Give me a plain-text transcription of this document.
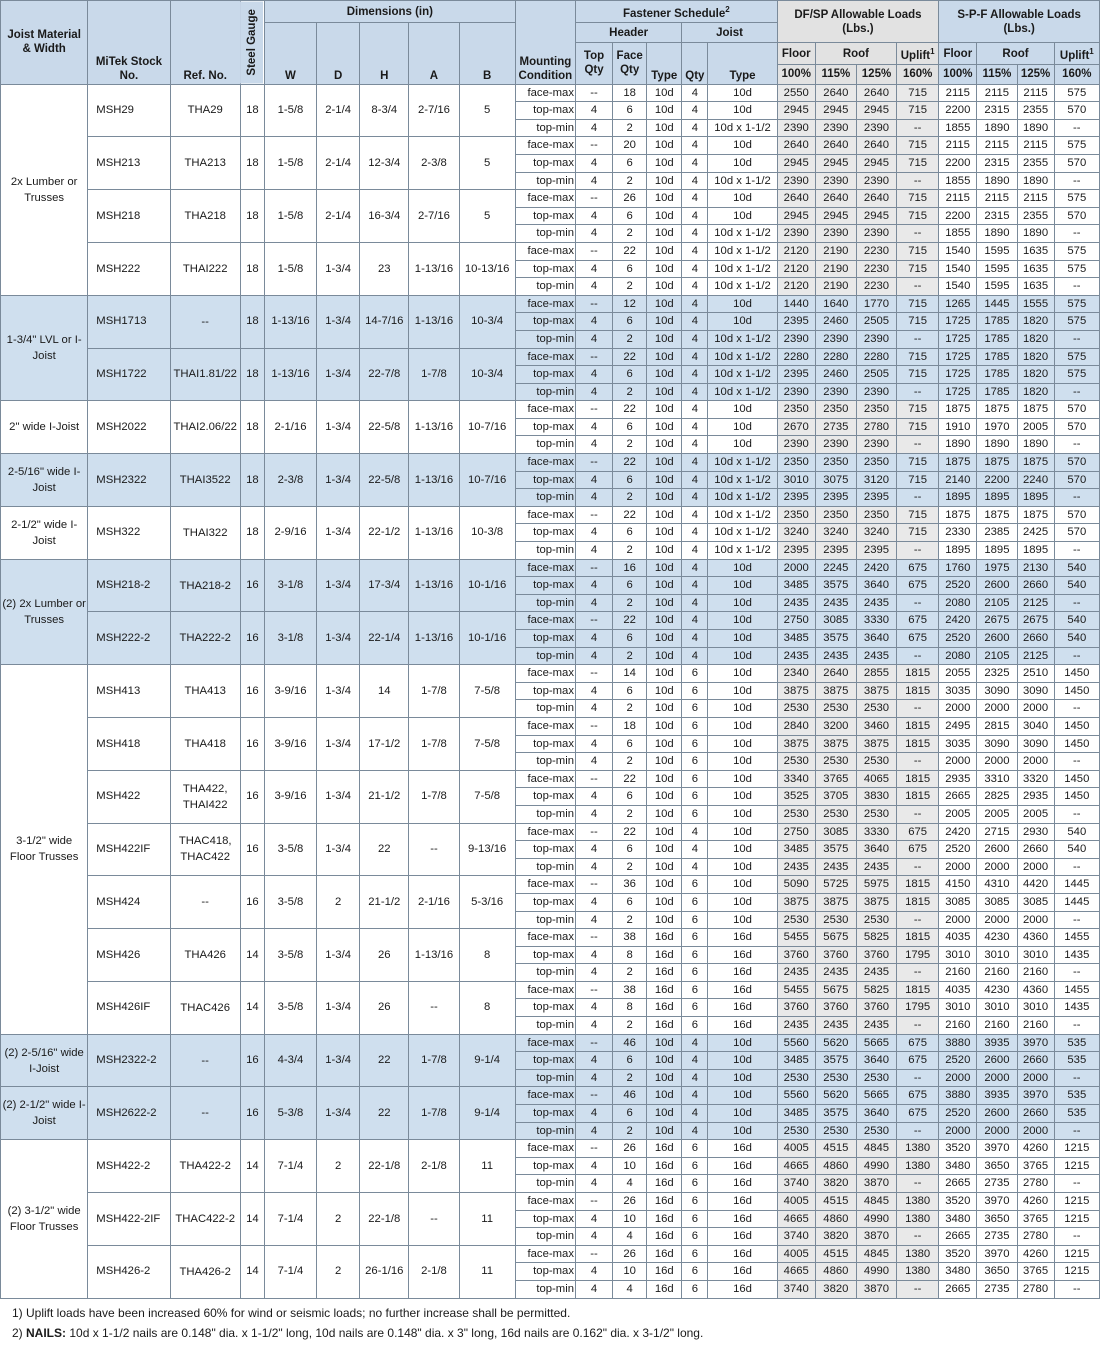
Joist Material & Width	MiTek Stock No.	Ref. No.	Steel Gauge	Dimensions (in)					Mounting Condition	Fastener Schedule$^2$					DF/SP Allowable Loads (Lbs.)				S-P-F Allowable Loads (Lbs.)			
				W	D	H	A	B		Header			Joist									
										Top Qty	Face Qty	Type	Qty	Type	Floor	Roof		Uplift$^1$	Floor	Roof		Uplift$^1$
															100%	115%	125%	160%	100%	115%	125%	160%
2x Lumber or Trusses	MSH29	THA29	18	1-5/8	2-1/4	8-3/4	2-7/16	5	face-max	--	18	10d	4	10d	2550	2640	2640	715	2115	2115	2115	575
									top-max	4	6	10d	4	10d	2945	2945	2945	715	2200	2315	2355	570
									top-min	4	2	10d	4	10d x 1-1/2	2390	2390	2390	--	1855	1890	1890	--
	MSH213	THA213	18	1-5/8	2-1/4	12-3/4	2-3/8	5	face-max	--	20	10d	4	10d	2640	2640	2640	715	2115	2115	2115	575
									top-max	4	6	10d	4	10d	2945	2945	2945	715	2200	2315	2355	570
									top-min	4	2	10d	4	10d x 1-1/2	2390	2390	2390	--	1855	1890	1890	--
	MSH218	THA218	18	1-5/8	2-1/4	16-3/4	2-7/16	5	face-max	--	26	10d	4	10d	2640	2640	2640	715	2115	2115	2115	575
									top-max	4	6	10d	4	10d	2945	2945	2945	715	2200	2315	2355	570
									top-min	4	2	10d	4	10d x 1-1/2	2390	2390	2390	--	1855	1890	1890	--
	MSH222	THAI222	18	1-5/8	1-3/4	23	1-13/16	10-13/16	face-max	--	22	10d	4	10d x 1-1/2	2120	2190	2230	715	1540	1595	1635	575
									top-max	4	6	10d	4	10d x 1-1/2	2120	2190	2230	715	1540	1595	1635	575
									top-min	4	2	10d	4	10d x 1-1/2	2120	2190	2230	--	1540	1595	1635	--
1-3/4" LVL or I-Joist	MSH1713	--	18	1-13/16	1-3/4	14-7/16	1-13/16	10-3/4	face-max	--	12	10d	4	10d	1440	1640	1770	715	1265	1445	1555	575
									top-max	4	6	10d	4	10d	2395	2460	2505	715	1725	1785	1820	575
									top-min	4	2	10d	4	10d x 1-1/2	2390	2390	2390	--	1725	1785	1820	--
	MSH1722	THAI1.81/22	18	1-13/16	1-3/4	22-7/8	1-7/8	10-3/4	face-max	--	22	10d	4	10d x 1-1/2	2280	2280	2280	715	1725	1785	1820	575
									top-max	4	6	10d	4	10d x 1-1/2	2395	2460	2505	715	1725	1785	1820	575
									top-min	4	2	10d	4	10d x 1-1/2	2390	2390	2390	--	1725	1785	1820	--
2" wide I-Joist	MSH2022	THAI2.06/22	18	2-1/16	1-3/4	22-5/8	1-13/16	10-7/16	face-max	--	22	10d	4	10d	2350	2350	2350	715	1875	1875	1875	570
									top-max	4	6	10d	4	10d	2670	2735	2780	715	1910	1970	2005	570
									top-min	4	2	10d	4	10d	2390	2390	2390	--	1890	1890	1890	--
2-5/16" wide I-Joist	MSH2322	THAI3522	18	2-3/8	1-3/4	22-5/8	1-13/16	10-7/16	face-max	--	22	10d	4	10d x 1-1/2	2350	2350	2350	715	1875	1875	1875	570
									top-max	4	6	10d	4	10d x 1-1/2	3010	3075	3120	715	2140	2200	2240	570
									top-min	4	2	10d	4	10d x 1-1/2	2395	2395	2395	--	1895	1895	1895	--
2-1/2" wide I-Joist	MSH322	THAI322	18	2-9/16	1-3/4	22-1/2	1-13/16	10-3/8	face-max	--	22	10d	4	10d x 1-1/2	2350	2350	2350	715	1875	1875	1875	570
									top-max	4	6	10d	4	10d x 1-1/2	3240	3240	3240	715	2330	2385	2425	570
									top-min	4	2	10d	4	10d x 1-1/2	2395	2395	2395	--	1895	1895	1895	--
(2) 2x Lumber or Trusses	MSH218-2	THA218-2	16	3-1/8	1-3/4	17-3/4	1-13/16	10-1/16	face-max	--	16	10d	4	10d	2000	2245	2420	675	1760	1975	2130	540
									top-max	4	6	10d	4	10d	3485	3575	3640	675	2520	2600	2660	540
									top-min	4	2	10d	4	10d	2435	2435	2435	--	2080	2105	2125	--
	MSH222-2	THA222-2	16	3-1/8	1-3/4	22-1/4	1-13/16	10-1/16	face-max	--	22	10d	4	10d	2750	3085	3330	675	2420	2675	2675	540
									top-max	4	6	10d	4	10d	3485	3575	3640	675	2520	2600	2660	540
									top-min	4	2	10d	4	10d	2435	2435	2435	--	2080	2105	2125	--
3-1/2" wide Floor Trusses	MSH413	THA413	16	3-9/16	1-3/4	14	1-7/8	7-5/8	face-max	--	14	10d	6	10d	2340	2640	2855	1815	2055	2325	2510	1450
									top-max	4	6	10d	6	10d	3875	3875	3875	1815	3035	3090	3090	1450
									top-min	4	2	10d	6	10d	2530	2530	2530	--	2000	2000	2000	--
	MSH418	THA418	16	3-9/16	1-3/4	17-1/2	1-7/8	7-5/8	face-max	--	18	10d	6	10d	2840	3200	3460	1815	2495	2815	3040	1450
									top-max	4	6	10d	6	10d	3875	3875	3875	1815	3035	3090	3090	1450
									top-min	4	2	10d	6	10d	2530	2530	2530	--	2000	2000	2000	--
	MSH422	THA422, THAI422	16	3-9/16	1-3/4	21-1/2	1-7/8	7-5/8	face-max	--	22	10d	6	10d	3340	3765	4065	1815	2935	3310	3320	1450
									top-max	4	6	10d	6	10d	3525	3705	3830	1815	2665	2825	2935	1450
									top-min	4	2	10d	6	10d	2530	2530	2530	--	2005	2005	2005	--
	MSH422IF	THAC418, THAC422	16	3-5/8	1-3/4	22	--	9-13/16	face-max	--	22	10d	4	10d	2750	3085	3330	675	2420	2715	2930	540
									top-max	4	6	10d	4	10d	3485	3575	3640	675	2520	2600	2660	540
									top-min	4	2	10d	4	10d	2435	2435	2435	--	2000	2000	2000	--
	MSH424	--	16	3-5/8	2	21-1/2	2-1/16	5-3/16	face-max	--	36	10d	6	10d	5090	5725	5975	1815	4150	4310	4420	1445
									top-max	4	6	10d	6	10d	3875	3875	3875	1815	3085	3085	3085	1445
									top-min	4	2	10d	6	10d	2530	2530	2530	--	2000	2000	2000	--
	MSH426	THA426	14	3-5/8	1-3/4	26	1-13/16	8	face-max	--	38	16d	6	16d	5455	5675	5825	1815	4035	4230	4360	1455
									top-max	4	8	16d	6	16d	3760	3760	3760	1795	3010	3010	3010	1435
									top-min	4	2	16d	6	16d	2435	2435	2435	--	2160	2160	2160	--
	MSH426IF	THAC426	14	3-5/8	1-3/4	26	--	8	face-max	--	38	16d	6	16d	5455	5675	5825	1815	4035	4230	4360	1455
									top-max	4	8	16d	6	16d	3760	3760	3760	1795	3010	3010	3010	1435
									top-min	4	2	16d	6	16d	2435	2435	2435	--	2160	2160	2160	--
(2) 2-5/16" wide I-Joist	MSH2322-2	--	16	4-3/4	1-3/4	22	1-7/8	9-1/4	face-max	--	46	10d	4	10d	5560	5620	5665	675	3880	3935	3970	535
									top-max	4	6	10d	4	10d	3485	3575	3640	675	2520	2600	2660	535
									top-min	4	2	10d	4	10d	2530	2530	2530	--	2000	2000	2000	--
(2) 2-1/2" wide I-Joist	MSH2622-2	--	16	5-3/8	1-3/4	22	1-7/8	9-1/4	face-max	--	46	10d	4	10d	5560	5620	5665	675	3880	3935	3970	535
									top-max	4	6	10d	4	10d	3485	3575	3640	675	2520	2600	2660	535
									top-min	4	2	10d	4	10d	2530	2530	2530	--	2000	2000	2000	--
(2) 3-1/2" wide Floor Trusses	MSH422-2	THA422-2	14	7-1/4	2	22-1/8	2-1/8	11	face-max	--	26	16d	6	16d	4005	4515	4845	1380	3520	3970	4260	1215
									top-max	4	10	16d	6	16d	4665	4860	4990	1380	3480	3650	3765	1215
									top-min	4	4	16d	6	16d	3740	3820	3870	--	2665	2735	2780	--
	MSH422-2IF	THAC422-2	14	7-1/4	2	22-1/8	--	11	face-max	--	26	16d	6	16d	4005	4515	4845	1380	3520	3970	4260	1215
									top-max	4	10	16d	6	16d	4665	4860	4990	1380	3480	3650	3765	1215
									top-min	4	4	16d	6	16d	3740	3820	3870	--	2665	2735	2780	--
	MSH426-2	THA426-2	14	7-1/4	2	26-1/16	2-1/8	11	face-max	--	26	16d	6	16d	4005	4515	4845	1380	3520	3970	4260	1215
									top-max	4	10	16d	6	16d	4665	4860	4990	1380	3480	3650	3765	1215
									top-min	4	4	16d	6	16d	3740	3820	3870	--	2665	2735	2780	--
1) Uplift loads have been increased 60% for wind or seismic loads; no further increase shall be permitted.
2) NAILS: 10d x 1-1/2 nails are 0.148" dia. x 1-1/2" long, 10d nails are 0.148" dia. x 3" long, 16d nails are 0.162" dia. x 3-1/2" long.
